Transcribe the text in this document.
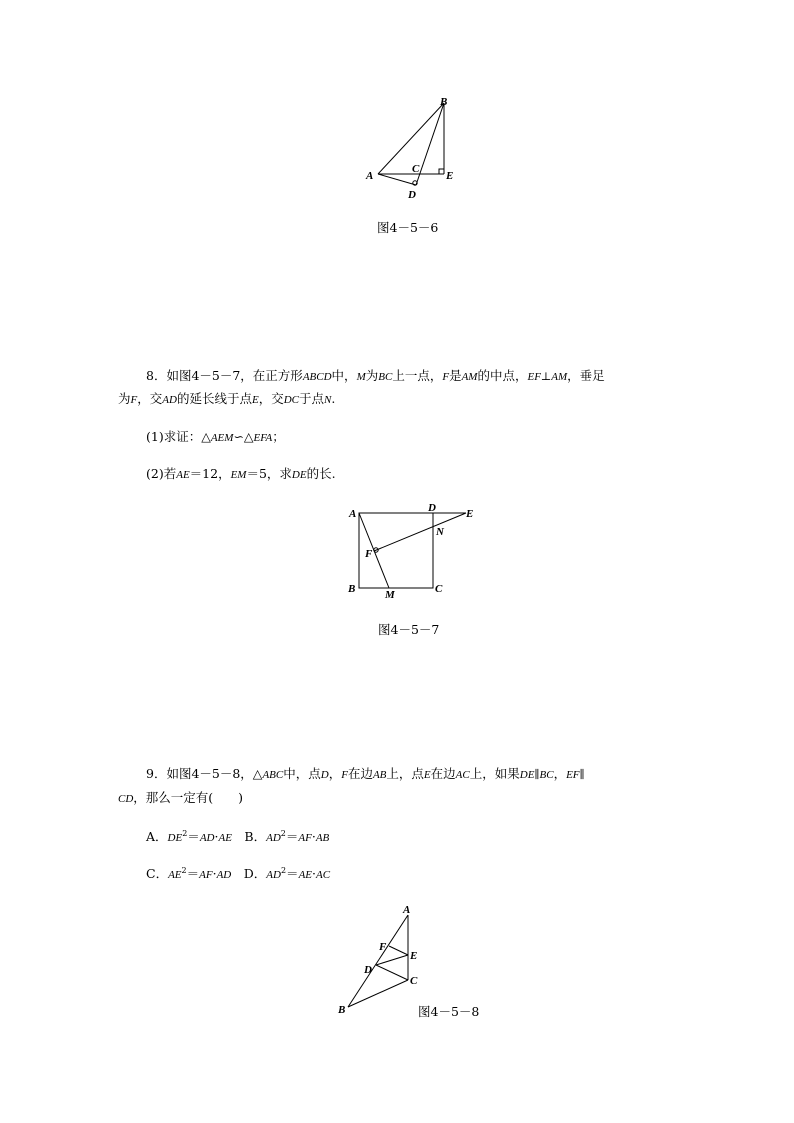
B
A
C
D
E
图4－5－6
8．如图4－5－7，在正方形ABCD中，M为BC上一点，F是AM的中点，EF⊥AM，垂足
为F，交AD的延长线于点E，交DC于点N.
(1)求证：△AEM∽△EFA；
(2)若AE＝12，EM＝5，求DE的长.
A	D	E
N
F
B	C
M
图4－5－7
9．如图4－5－8，△ABC中，点D，F在边AB上，点E在边AC上，如果DE∥BC，EF∥
CD，那么一定有(　　)
A．$DE^2=AD\cdot AE$　B．$AD^2=AF\cdot AB$
C．$AE^2=AF\cdot AD$　D．$AD^2=AE\cdot AC$
A
F
E
D
C
B	图4－5－8
